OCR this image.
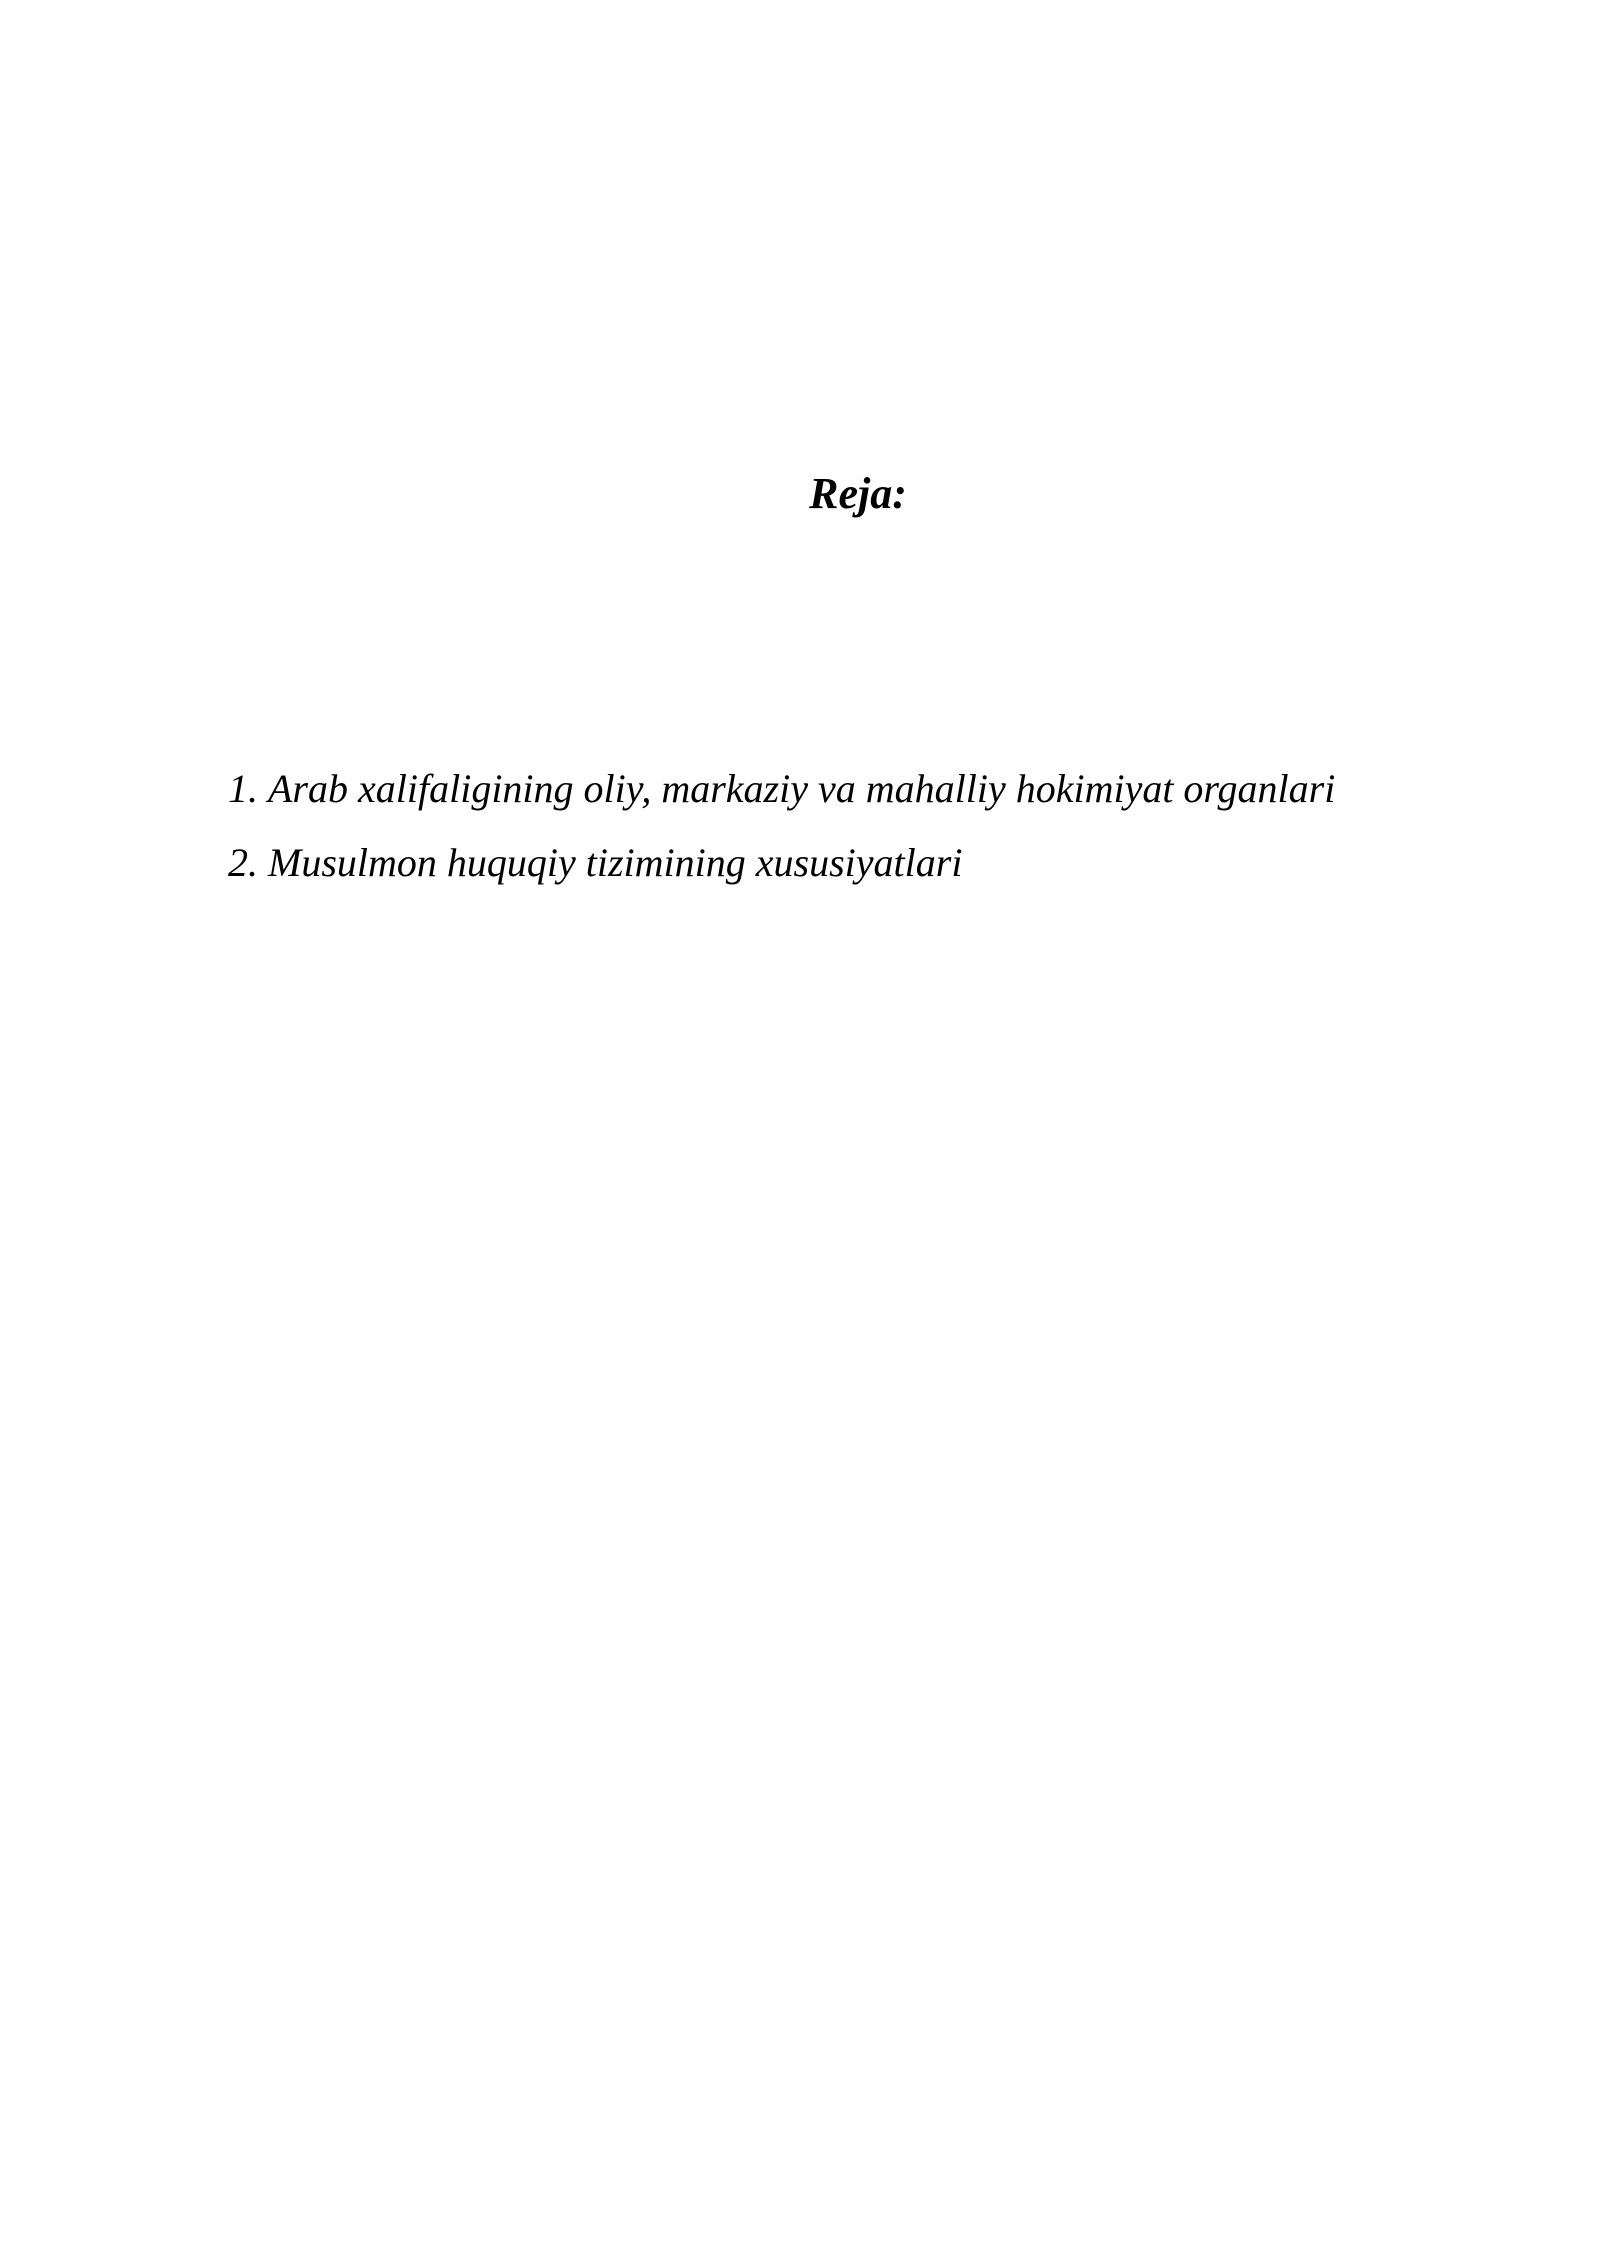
Reja:
1. Arab xalifaligining oliy, markaziy va mahalliy hokimiyat organlari
2. Musulmon huquqiy tizimining xususiyatlari
